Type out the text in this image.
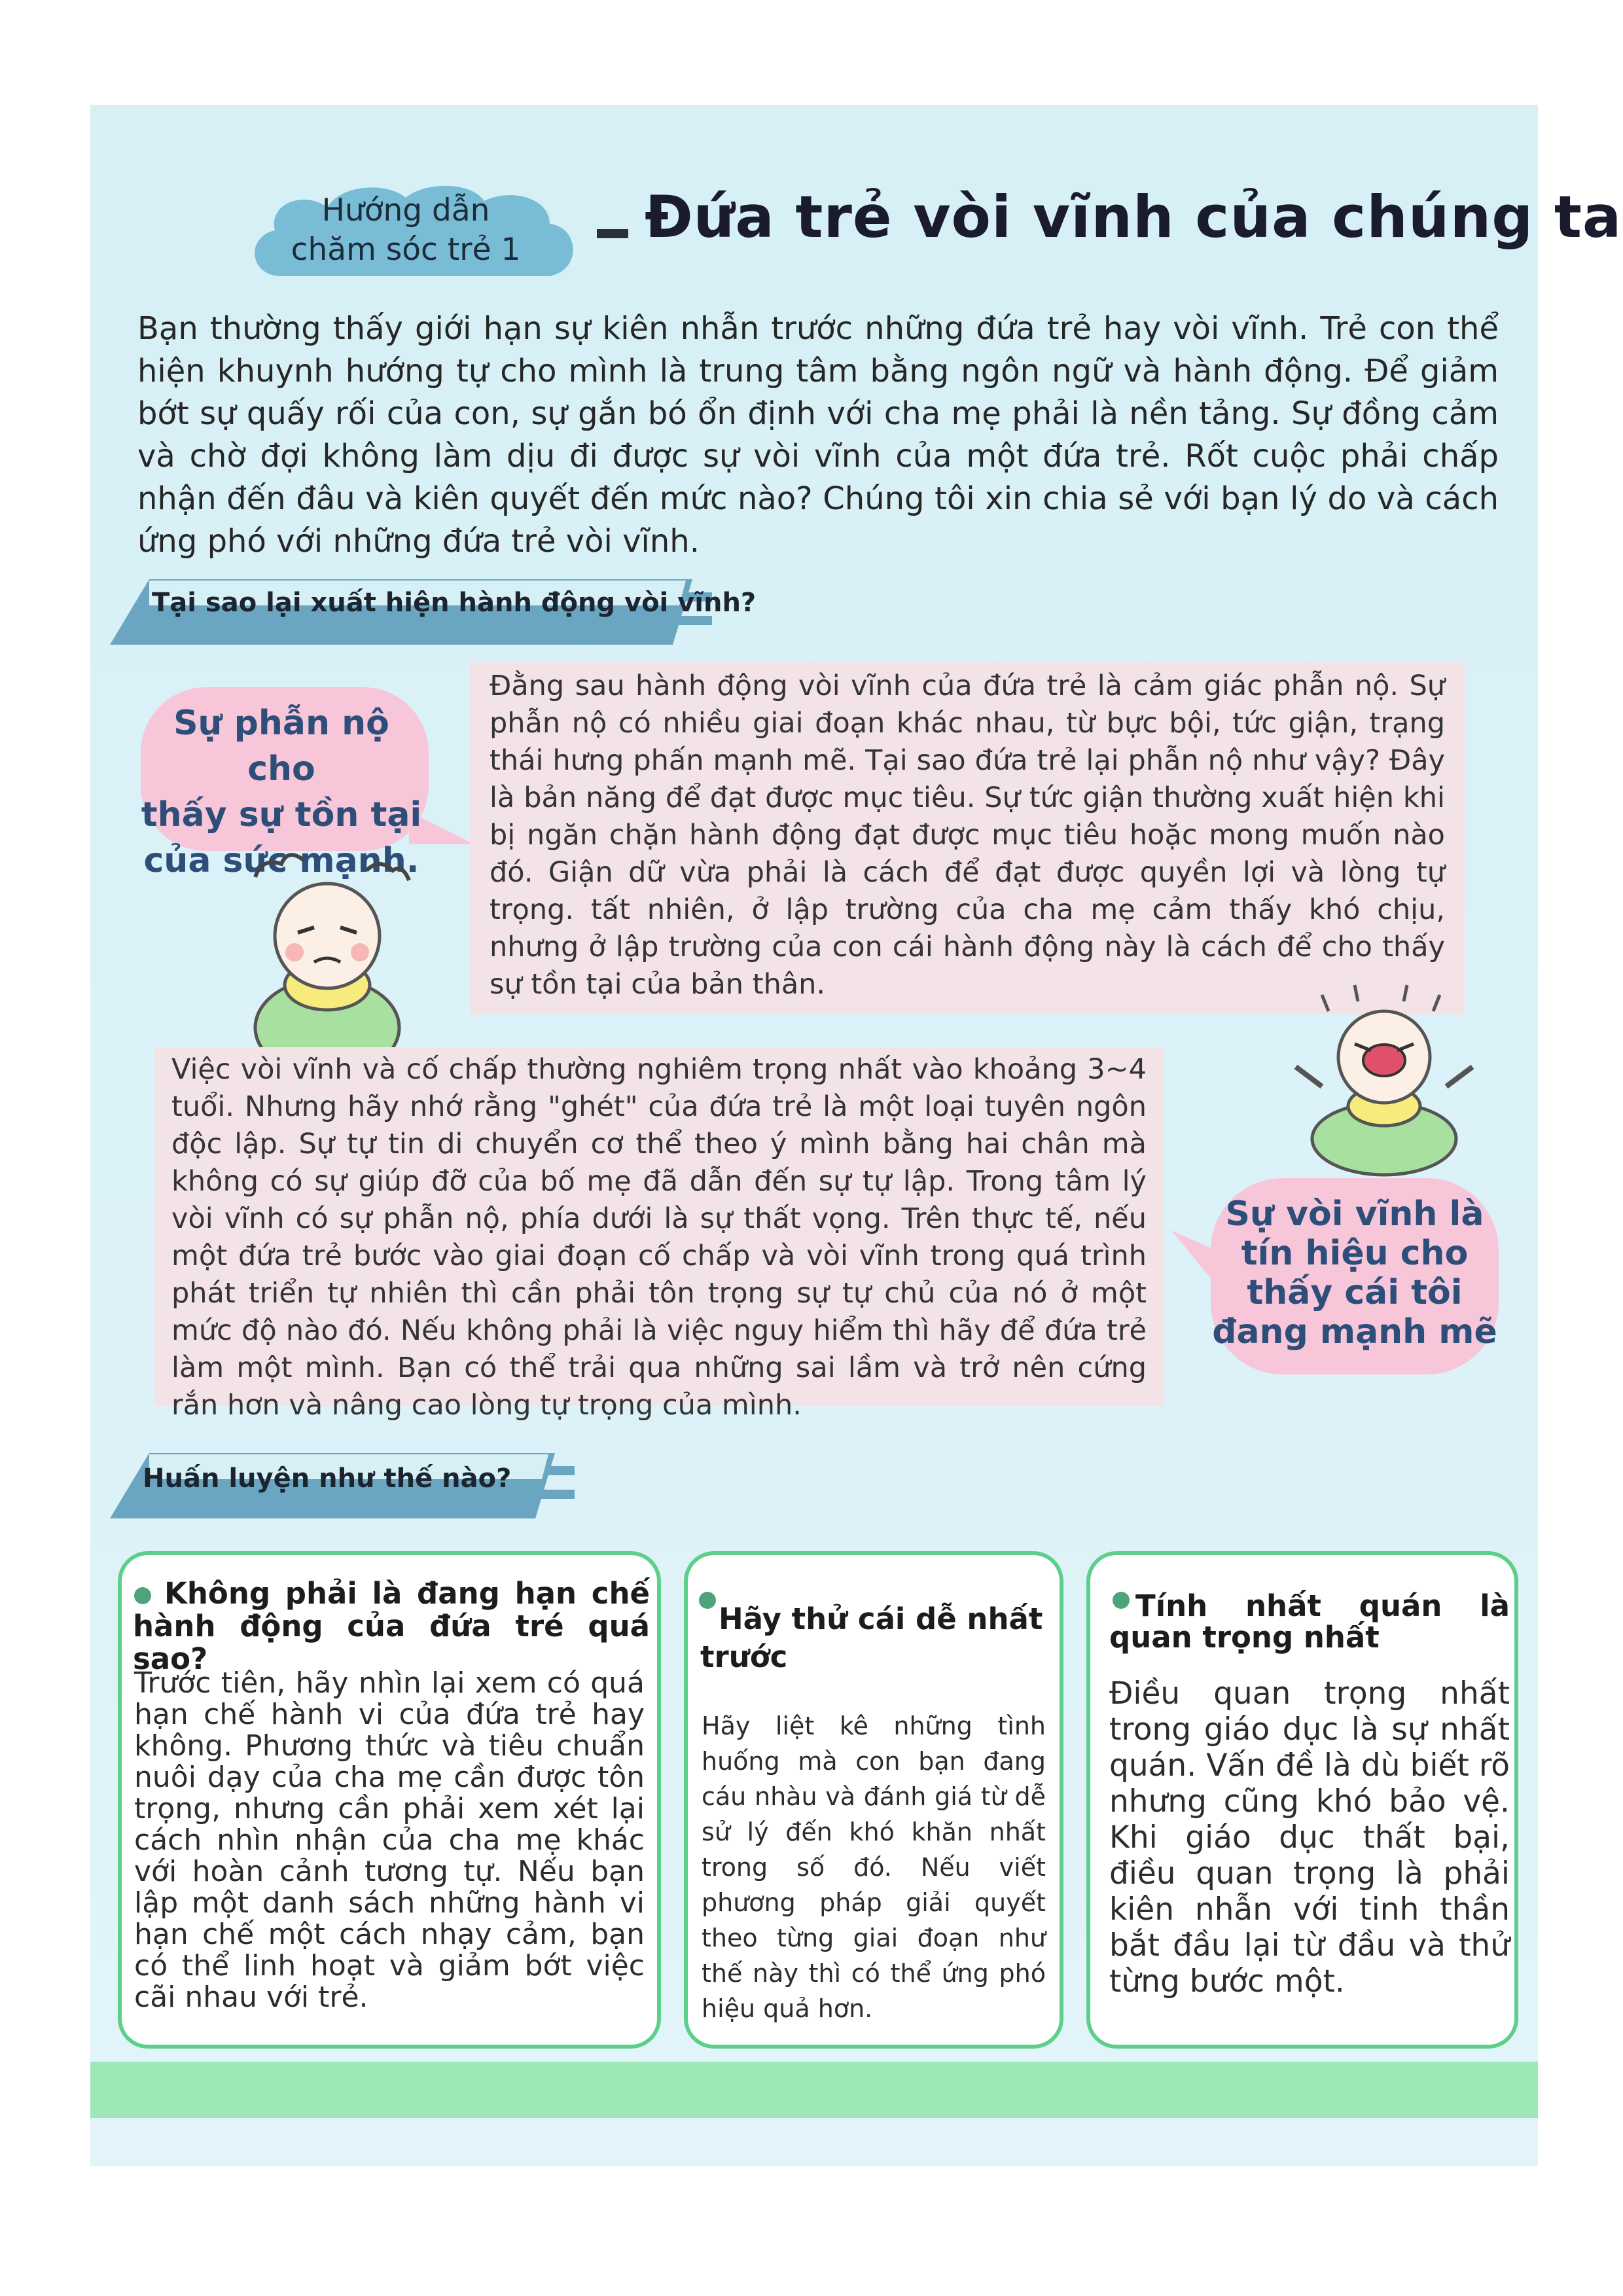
Hướng dẫn
chăm sóc trẻ 1	Đứa trẻ vòi vĩnh của chúng ta
Bạn thường thấy giới hạn sự kiên nhẫn trước những đứa trẻ hay vòi vĩnh. Trẻ con thể hiện khuynh hướng tự cho mình là trung tâm bằng ngôn ngữ và hành động. Để giảm bớt sự quấy rối của con, sự gắn bó ổn định với cha mẹ phải là nền tảng. Sự đồng cảm và chờ đợi không làm dịu đi được sự vòi vĩnh của một đứa trẻ. Rốt cuộc phải chấp nhận đến đâu và kiên quyết đến mức nào? Chúng tôi xin chia sẻ với bạn lý do và cách ứng phó với những đứa trẻ vòi vĩnh.
Tại sao lại xuất hiện hành động vòi vĩnh?
Sự phẫn nộ cho
thấy sự tồn tại
của sức mạnh.
Đằng sau hành động vòi vĩnh của đứa trẻ là cảm giác phẫn nộ. Sự phẫn nộ có nhiều giai đoạn khác nhau, từ bực bội, tức giận, trạng thái hưng phấn mạnh mẽ. Tại sao đứa trẻ lại phẫn nộ như vậy? Đây là bản năng để đạt được mục tiêu. Sự tức giận thường xuất hiện khi bị ngăn chặn hành động đạt được mục tiêu hoặc mong muốn nào đó. Giận dữ vừa phải là cách để đạt được quyền lợi và lòng tự trọng. tất nhiên, ở lập trường của cha mẹ cảm thấy khó chịu, nhưng ở lập trường của con cái hành động này là cách để cho thấy sự tồn tại của bản thân.
Việc vòi vĩnh và cố chấp thường nghiêm trọng nhất vào khoảng 3~4 tuổi. Nhưng hãy nhớ rằng "ghét" của đứa trẻ là một loại tuyên ngôn độc lập. Sự tự tin di chuyển cơ thể theo ý mình bằng hai chân mà không có sự giúp đỡ của bố mẹ đã dẫn đến sự tự lập. Trong tâm lý vòi vĩnh có sự phẫn nộ, phía dưới là sự thất vọng. Trên thực tế, nếu một đứa trẻ bước vào giai đoạn cố chấp và vòi vĩnh trong quá trình phát triển tự nhiên thì cần phải tôn trọng sự tự chủ của nó ở một mức độ nào đó. Nếu không phải là việc nguy hiểm thì hãy để đứa trẻ làm một mình. Bạn có thể trải qua những sai lầm và trở nên cứng rắn hơn và nâng cao lòng tự trọng của mình.
Sự vòi vĩnh là
tín hiệu cho
thấy cái tôi
đang mạnh mẽ
Huấn luyện như thế nào?
Không phải là đang hạn chế hành động của đứa tré quá sao?
Trước tiên, hãy nhìn lại xem có quá hạn chế hành vi của đứa trẻ hay không. Phương thức và tiêu chuẩn nuôi dạy của cha mẹ cần được tôn trọng, nhưng cần phải xem xét lại cách nhìn nhận của cha mẹ khác với hoàn cảnh tương tự. Nếu bạn lập một danh sách những hành vi hạn chế một cách nhạy cảm, bạn có thể linh hoạt và giảm bớt việc cãi nhau với trẻ.
Hãy thử cái dễ nhất trước
Hãy liệt kê những tình huống mà con bạn đang cáu nhàu và đánh giá từ dễ sử lý đến khó khăn nhất trong số đó. Nếu viết phương pháp giải quyết theo từng giai đoạn như thế này thì có thể ứng phó hiệu quả hơn.
Tính nhất quán là quan trọng nhất
Điều quan trọng nhất trong giáo dục là sự nhất quán. Vấn đề là dù biết rõ nhưng cũng khó bảo vệ. Khi giáo dục thất bại, điều quan trọng là phải kiên nhẫn với tinh thần bắt đầu lại từ đầu và thử từng bước một.
